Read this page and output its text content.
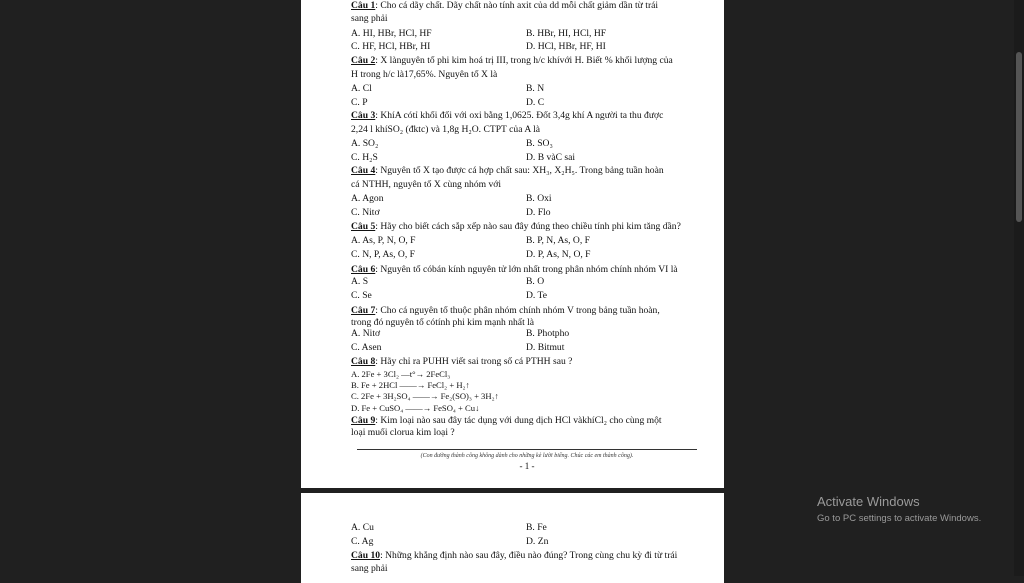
Câu 1: Cho cá dãy chất. Dãy chất nào tính axit của dd mỗi chất giảm dần từ trái
sang phải
A. HI, HBr, HCl, HF	B. HBr, HI, HCl, HF
C. HF, HCl, HBr, HI	D. HCl, HBr, HF, HI
Câu 2: X lànguyên tố phi kim hoá trị III, trong h/c khívới H. Biết % khối lượng của
H trong h/c là17,65%. Nguyên tố X là
A. Cl	B. N
C. P	D. C
Câu 3: KhíA cótỉ khối đối với oxi bằng 1,0625. Đốt 3,4g khí A người ta thu được
2,24 l khíSO₂ (đktc) và 1,8g H₂O. CTPT của A là
A. SO₂	B. SO₃
C. H₂S	D. B vàC sai
Câu 4: Nguyên tố X tạo được cá hợp chất sau: XH₃, X₂H₅. Trong bảng tuần hoàn
cá NTHH, nguyên tố X cùng nhóm với
A. Agon	B. Oxi
C. Nitơ	D. Flo
Câu 5: Hãy cho biết cách sắp xếp nào sau đây đúng theo chiều tính phi kim tăng dần?
A. As, P, N, O, F	B. P, N, As, O, F
C. N, P, As, O, F	D. P, As, N, O, F
Câu 6: Nguyên tố cóbán kính nguyên tử lớn nhất trong phân nhóm chính nhóm VI là
A. S	B. O
C. Se	D. Te
Câu 7: Cho cá nguyên tố thuộc phân nhóm chính nhóm V trong bảng tuần hoàn,
trong đó nguyên tố cótính phi kim mạnh nhất là
A. Nitơ	B. Photpho
C. Asen	D. Bitmut
Câu 8: Hãy chỉ ra PUHH viết sai trong số cá PTHH sau ?
A. 2Fe + 3Cl₂ —t°→ 2FeCl₃
B. Fe + 2HCl ——→ FeCl₂ + H₂↑
C. 2Fe + 3H₂SO₄ ——→ Fe₂(SO)₃ + 3H₂↑
D. Fe + CuSO₄ ——→ FeSO₄ + Cu↓
Câu 9: Kim loại nào sau đây tác dụng với dung dịch HCl vàkhíCl₂ cho cùng một
loại muối clorua kim loại ?
(Con đường thành công không dành cho những kẻ lười biếng. Chúc các em thành công).
- 1 -
A. Cu	B. Fe
C. Ag	D. Zn
Câu 10: Những khẳng định nào sau đây, điều nào đúng? Trong cùng chu kỳ đi từ trái
sang phải
Activate Windows
Go to PC settings to activate Windows.
